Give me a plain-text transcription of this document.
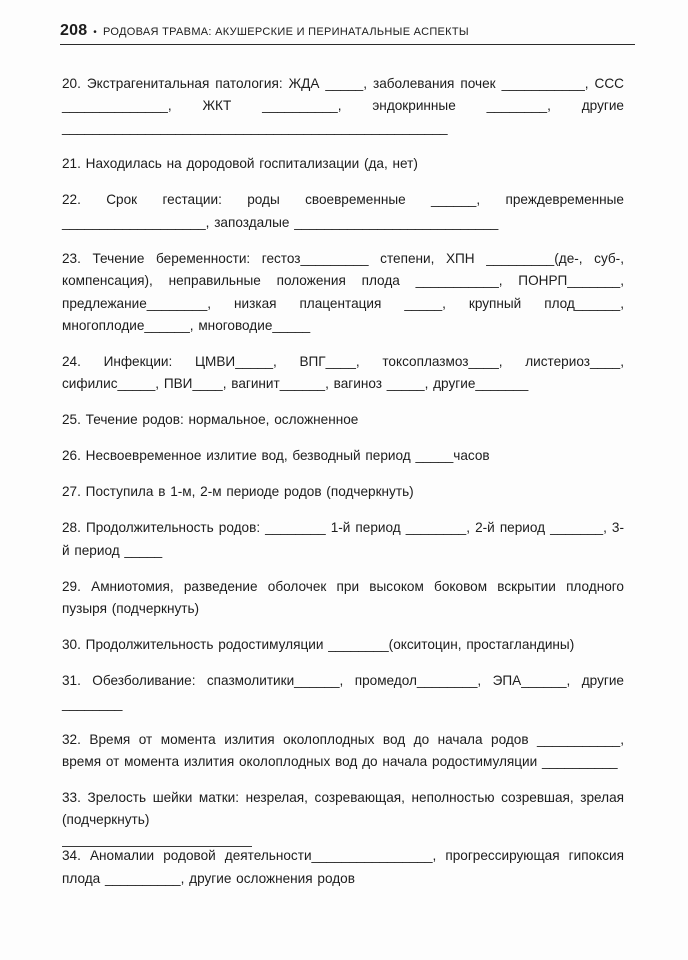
208 • РОДОВАЯ ТРАВМА: АКУШЕРСКИЕ И ПЕРИНАТАЛЬНЫЕ АСПЕКТЫ

20. Экстрагенитальная патология: ЖДА _____, заболевания почек ___________, ССС ______________, ЖКТ __________, эндокринные ________, другие ___________________________________________________

21. Находилась на дородовой госпитализации (да, нет)

22. Срок гестации: роды своевременные ______, преждевременные ___________________, запоздалые ___________________________

23. Течение беременности: гестоз_________ степени, ХПН _________(де-, суб-, компенсация), неправильные положения плода ___________, ПОНРП_______, предлежание________, низкая плацентация _____, крупный плод______, многоплодие______, многоводие_____

24. Инфекции: ЦМВИ_____, ВПГ____, токсоплазмоз____, листериоз____, сифилис_____, ПВИ____, вагинит______, вагиноз _____, другие_______

25. Течение родов: нормальное, осложненное

26. Несвоевременное излитие вод, безводный период _____часов

27. Поступила в 1-м, 2-м периоде родов (подчеркнуть)

28. Продолжительность родов: ________ 1-й период ________, 2-й период _______, 3-й период _____

29. Амниотомия, разведение оболочек при высоком боковом вскрытии плодного пузыря (подчеркнуть)

30. Продолжительность родостимуляции ________(окситоцин, простагландины)

31. Обезболивание: спазмолитики______, промедол________, ЭПА______, другие ________

32. Время от момента излития околоплодных вод до начала родов ___________, время от момента излития околоплодных вод до начала родостимуляции __________

33. Зрелость шейки матки: незрелая, созревающая, неполностью созревшая, зрелая (подчеркнуть)

34. Аномалии родовой деятельности________________, прогрессирующая гипоксия плода __________, другие осложнения родов
